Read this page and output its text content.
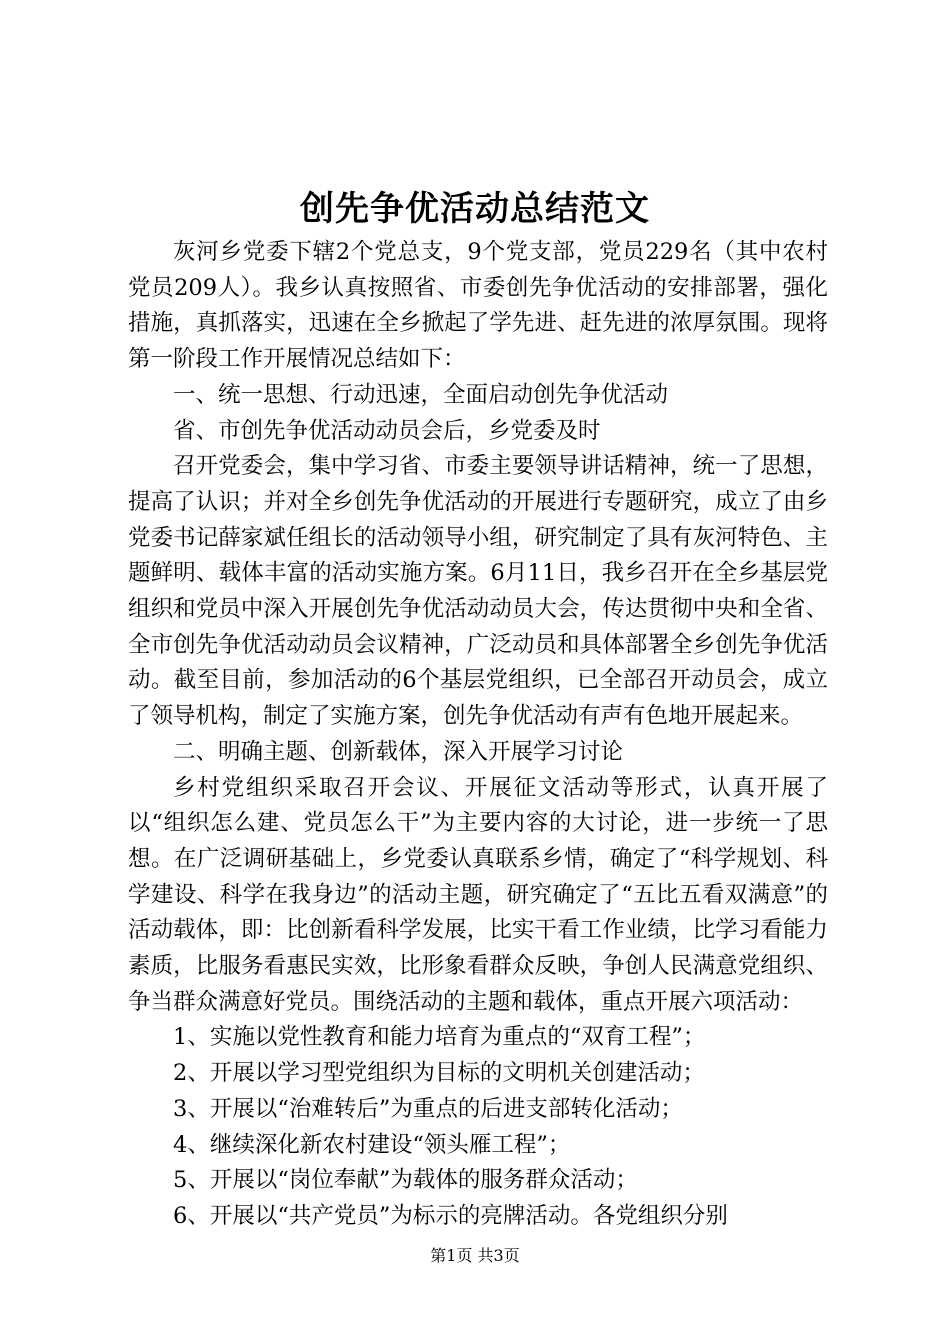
创先争优活动总结范文

灰河乡党委下辖2个党总支，9个党支部，党员229名（其中农村党员209人）。我乡认真按照省、市委创先争优活动的安排部署，强化措施，真抓落实，迅速在全乡掀起了学先进、赶先进的浓厚氛围。现将第一阶段工作开展情况总结如下：

一、统一思想、行动迅速，全面启动创先争优活动

省、市创先争优活动动员会后，乡党委及时

召开党委会，集中学习省、市委主要领导讲话精神，统一了思想，提高了认识；并对全乡创先争优活动的开展进行专题研究，成立了由乡党委书记薛家斌任组长的活动领导小组，研究制定了具有灰河特色、主题鲜明、载体丰富的活动实施方案。6月11日，我乡召开在全乡基层党组织和党员中深入开展创先争优活动动员大会，传达贯彻中央和全省、全市创先争优活动动员会议精神，广泛动员和具体部署全乡创先争优活动。截至目前，参加活动的6个基层党组织，已全部召开动员会，成立了领导机构，制定了实施方案，创先争优活动有声有色地开展起来。

二、明确主题、创新载体，深入开展学习讨论

乡村党组织采取召开会议、开展征文活动等形式，认真开展了以“组织怎么建、党员怎么干”为主要内容的大讨论，进一步统一了思想。在广泛调研基础上，乡党委认真联系乡情，确定了“科学规划、科学建设、科学在我身边”的活动主题，研究确定了“五比五看双满意”的活动载体，即：比创新看科学发展，比实干看工作业绩，比学习看能力素质，比服务看惠民实效，比形象看群众反映，争创人民满意党组织、争当群众满意好党员。围绕活动的主题和载体，重点开展六项活动：

1、实施以党性教育和能力培育为重点的“双育工程”；

2、开展以学习型党组织为目标的文明机关创建活动；

3、开展以“治难转后”为重点的后进支部转化活动；

4、继续深化新农村建设“领头雁工程”；

5、开展以“岗位奉献”为载体的服务群众活动；

6、开展以“共产党员”为标示的亮牌活动。各党组织分别

第1页 共3页
